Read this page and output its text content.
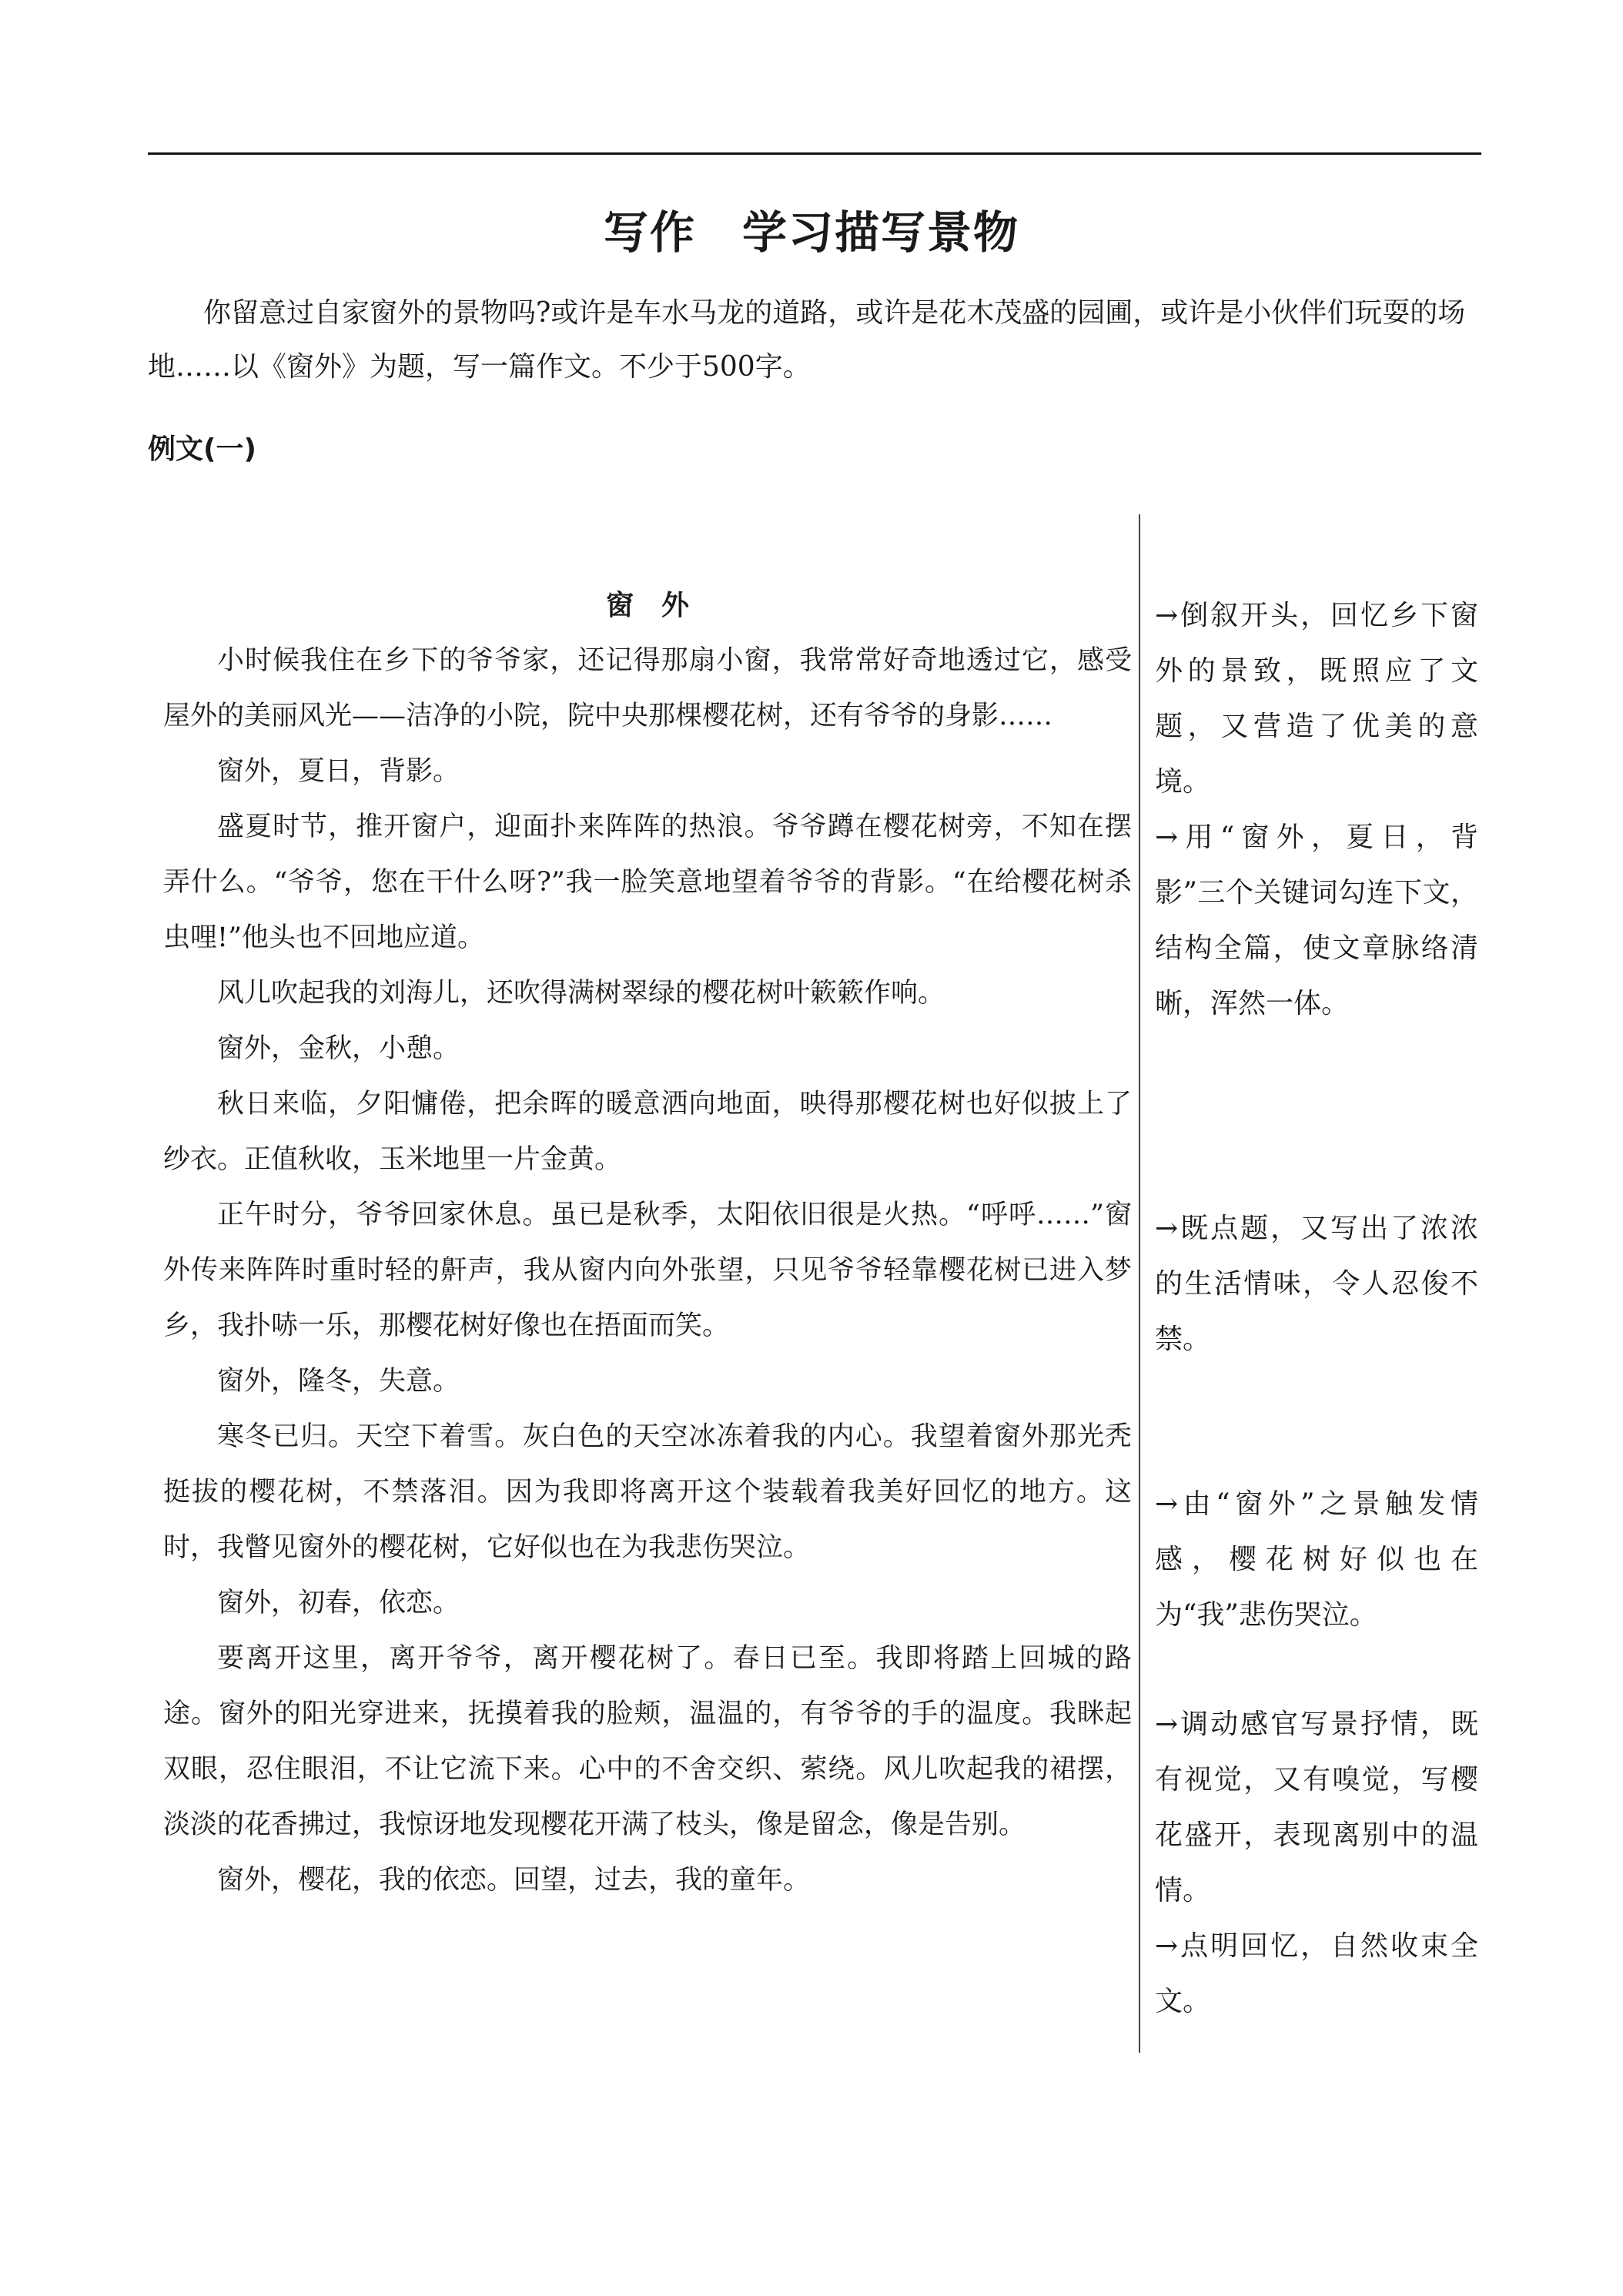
写作　学习描写景物

你留意过自家窗外的景物吗?或许是车水马龙的道路，或许是花木茂盛的园圃，或许是小伙伴们玩耍的场地……以《窗外》为题，写一篇作文。不少于500字。

例文(一)

窗　外

小时候我住在乡下的爷爷家，还记得那扇小窗，我常常好奇地透过它，感受屋外的美丽风光——洁净的小院，院中央那棵樱花树，还有爷爷的身影……

窗外，夏日，背影。

盛夏时节，推开窗户，迎面扑来阵阵的热浪。爷爷蹲在樱花树旁，不知在摆弄什么。“爷爷，您在干什么呀?”我一脸笑意地望着爷爷的背影。“在给樱花树杀虫哩!”他头也不回地应道。

风儿吹起我的刘海儿，还吹得满树翠绿的樱花树叶簌簌作响。

窗外，金秋，小憩。

秋日来临，夕阳慵倦，把余晖的暖意洒向地面，映得那樱花树也好似披上了纱衣。正值秋收，玉米地里一片金黄。

正午时分，爷爷回家休息。虽已是秋季，太阳依旧很是火热。“呼呼……”窗外传来阵阵时重时轻的鼾声，我从窗内向外张望，只见爷爷轻靠樱花树已进入梦乡，我扑哧一乐，那樱花树好像也在捂面而笑。

窗外，隆冬，失意。

寒冬已归。天空下着雪。灰白色的天空冰冻着我的内心。我望着窗外那光秃挺拔的樱花树，不禁落泪。因为我即将离开这个装载着我美好回忆的地方。这时，我瞥见窗外的樱花树，它好似也在为我悲伤哭泣。

窗外，初春，依恋。

要离开这里，离开爷爷，离开樱花树了。春日已至。我即将踏上回城的路途。窗外的阳光穿进来，抚摸着我的脸颊，温温的，有爷爷的手的温度。我眯起双眼，忍住眼泪，不让它流下来。心中的不舍交织、萦绕。风儿吹起我的裙摆，淡淡的花香拂过，我惊讶地发现樱花开满了枝头，像是留念，像是告别。

窗外，樱花，我的依恋。回望，过去，我的童年。

→倒叙开头，回忆乡下窗外的景致，既照应了文题，又营造了优美的意境。

→用“窗外，夏日，背影”三个关键词勾连下文，结构全篇，使文章脉络清晰，浑然一体。

→既点题，又写出了浓浓的生活情味，令人忍俊不禁。

→由“窗外”之景触发情感，樱花树好似也在为“我”悲伤哭泣。

→调动感官写景抒情，既有视觉，又有嗅觉，写樱花盛开，表现离别中的温情。

→点明回忆，自然收束全文。
